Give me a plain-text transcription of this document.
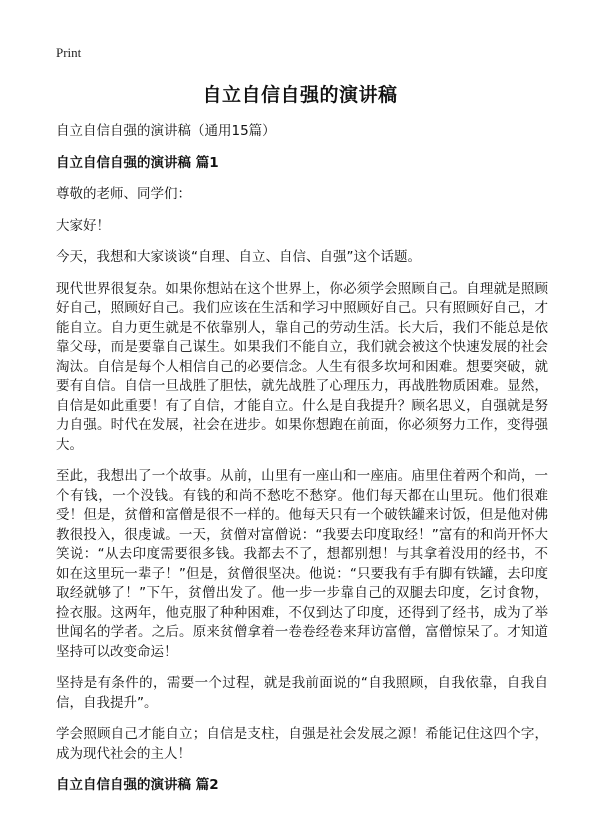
Print
自立自信自强的演讲稿
自立自信自强的演讲稿（通用15篇）
自立自信自强的演讲稿 篇1

尊敬的老师、同学们：

大家好！

今天，我想和大家谈谈“自理、自立、自信、自强”这个话题。

现代世界很复杂。如果你想站在这个世界上，你必须学会照顾自己。自理就是照顾好自己，照顾好自己。我们应该在生活和学习中照顾好自己。只有照顾好自己，才能自立。自力更生就是不依靠别人，靠自己的劳动生活。长大后，我们不能总是依靠父母，而是要靠自己谋生。如果我们不能自立，我们就会被这个快速发展的社会淘汰。自信是每个人相信自己的必要信念。人生有很多坎坷和困难。想要突破，就要有自信。自信一旦战胜了胆怯，就先战胜了心理压力，再战胜物质困难。显然，自信是如此重要！有了自信，才能自立。什么是自我提升？顾名思义，自强就是努力自强。时代在发展，社会在进步。如果你想跑在前面，你必须努力工作，变得强大。

至此，我想出了一个故事。从前，山里有一座山和一座庙。庙里住着两个和尚，一个有钱，一个没钱。有钱的和尚不愁吃不愁穿。他们每天都在山里玩。他们很难受！但是，贫僧和富僧是很不一样的。他每天只有一个破铁罐来讨饭，但是他对佛教很投入，很虔诚。一天，贫僧对富僧说：“我要去印度取经！”富有的和尚开怀大笑说：“从去印度需要很多钱。我都去不了，想都别想！与其拿着没用的经书，不如在这里玩一辈子！”但是，贫僧很坚决。他说：“只要我有手有脚有铁罐，去印度取经就够了！”下午，贫僧出发了。他一步一步靠自己的双腿去印度，乞讨食物，捡衣服。这两年，他克服了种种困难，不仅到达了印度，还得到了经书，成为了举世闻名的学者。之后。原来贫僧拿着一卷卷经卷来拜访富僧，富僧惊呆了。才知道坚持可以改变命运！

坚持是有条件的，需要一个过程，就是我前面说的“自我照顾，自我依靠，自我自信，自我提升”。

学会照顾自己才能自立；自信是支柱，自强是社会发展之源！希能记住这四个字，成为现代社会的主人！

自立自信自强的演讲稿 篇2
